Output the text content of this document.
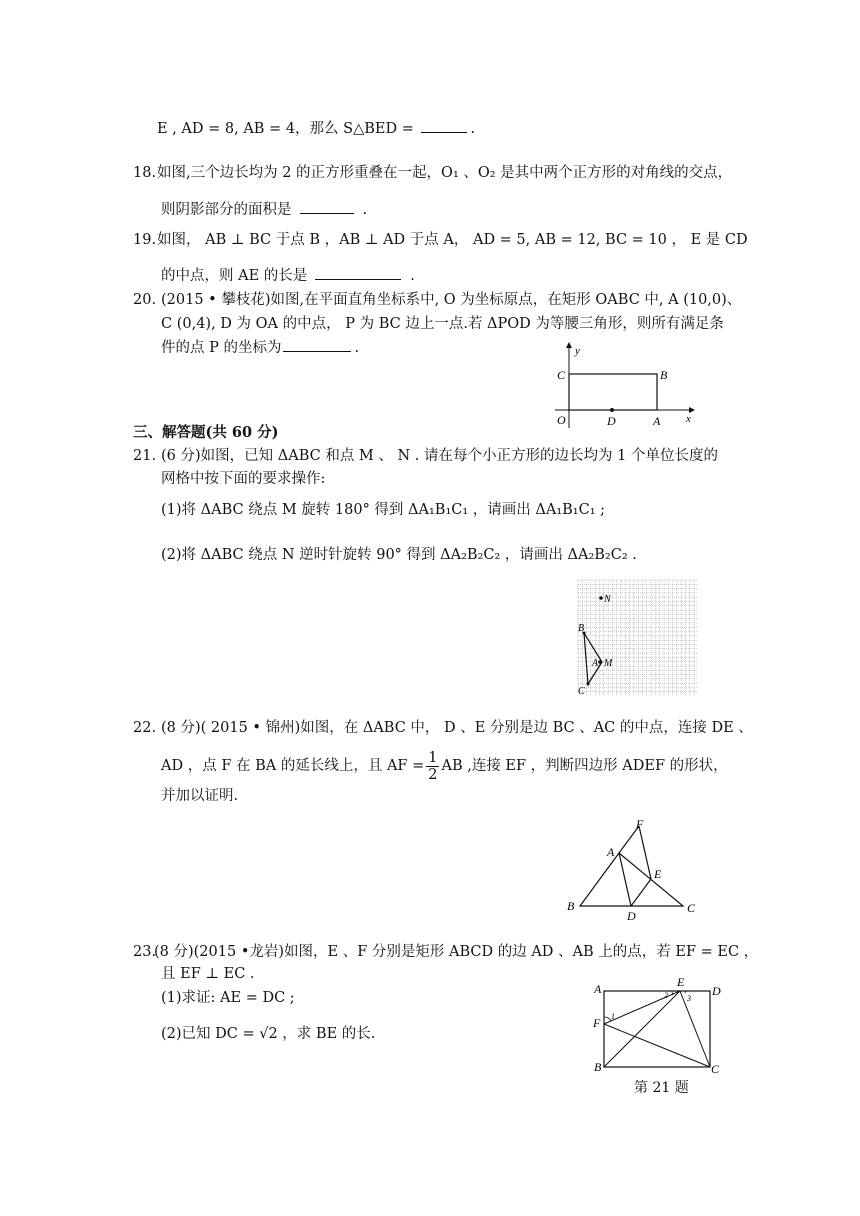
E , AD = 8, AB = 4，那么 S△BED =	.
18. 如图,三个边长均为 2 的正方形重叠在一起，O₁ 、O₂ 是其中两个正方形的对角线的交点，
则阴影部分的面积是	.
19. 如图， AB ⊥ BC 于点 B ，AB ⊥ AD 于点 A， AD = 5, AB = 12, BC = 10 ， E 是 CD
的中点，则 AE 的长是	.
20. (2015 • 攀枝花)如图,在平面直角坐标系中, O 为坐标原点，在矩形 OABC 中, A (10,0)、
C (0,4), D 为 OA 的中点， P 为 BC 边上一点.若 ΔPOD 为等腰三角形，则所有满足条
件的点 P 的坐标为	.	y
x
C	B
O	D	A
三、解答题(共 60 分)
21. (6 分)如图，已知 ΔABC 和点 M 、 N . 请在每个小正方形的边长均为 1 个单位长度的
网格中按下面的要求操作:
(1)将 ΔABC 绕点 M 旋转 180° 得到 ΔA₁B₁C₁ ，请画出 ΔA₁B₁C₁ ;
(2)将 ΔABC 绕点 N 逆时针旋转 90° 得到 ΔA₂B₂C₂ ，请画出 ΔA₂B₂C₂ .
N
B
A M
C
22. (8 分)( 2015 • 锦州)如图，在 ΔABC 中， D 、E 分别是边 BC 、AC 的中点，连接 DE 、
AD ，点 F 在 BA 的延长线上，且 AF = $\frac{1}{2}$ AB ,连接 EF ，判断四边形 ADEF 的形状，
并加以证明.
F
A
E
B
D
C
23.
(8 分)(2015 •龙岩)如图，E 、F 分别是矩形 ABCD 的边 AD 、AB 上的点，若 EF = EC ，
且 EF ⊥ EC .
(1)求证: AE = DC ;
(2)已知 DC = √2 ，求 BE 的长.
A	E
D
F
B	C
1
2 3
第 21 题
